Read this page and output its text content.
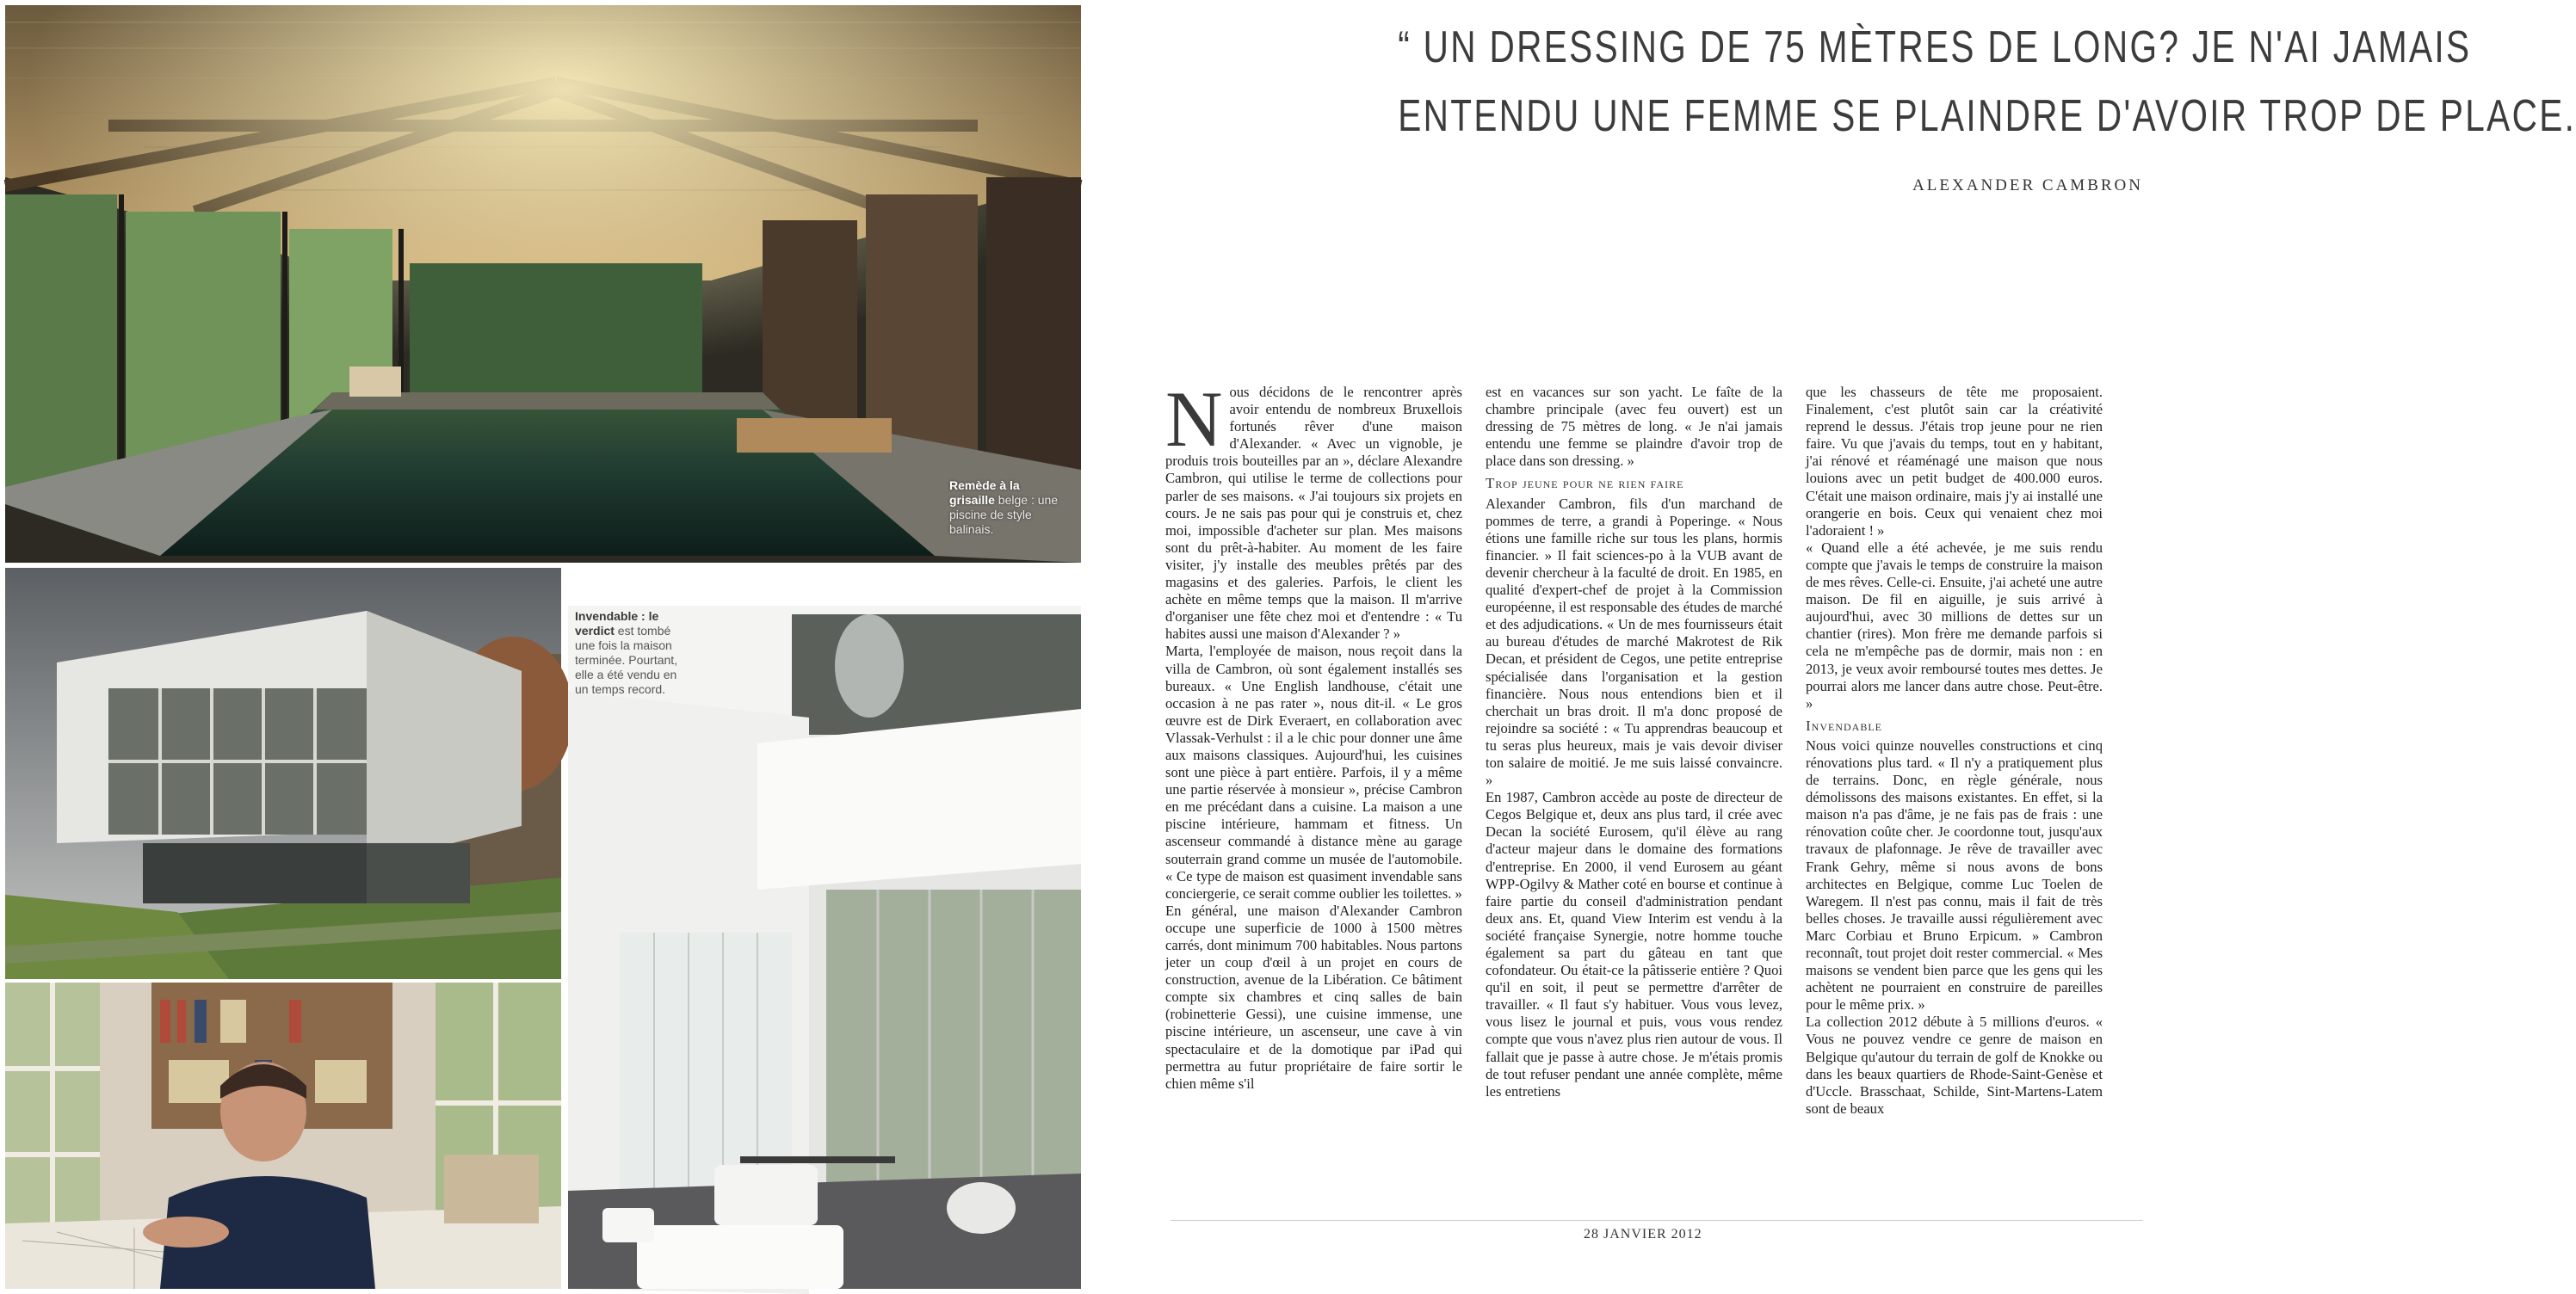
Remède à la grisaille belge : une piscine de style balinais.
Invendable : le verdict est tombé une fois la maison terminée. Pourtant, elle a été vendu en un temps record.
“ UN DRESSING DE 75 MÈTRES DE LONG? JE N'AI JAMAIS
ENTENDU UNE FEMME SE PLAINDRE D'AVOIR TROP DE PLACE.
ALEXANDER CAMBRON
N ous décidons de le rencontrer après avoir entendu de nombreux Bruxellois fortunés rêver d'une maison d'Alexander. « Avec un vignoble, je produis trois bouteilles par an », déclare Alexandre Cambron, qui utilise le terme de collections pour parler de ses maisons. « J'ai toujours six projets en cours. Je ne sais pas pour qui je construis et, chez moi, impossible d'acheter sur plan. Mes maisons sont du prêt-à-habiter. Au moment de les faire visiter, j'y installe des meubles prêtés par des magasins et des galeries. Parfois, le client les achète en même temps que la maison. Il m'arrive d'organiser une fête chez moi et d'entendre : « Tu habites aussi une maison d'Alexander ? »

Marta, l'employée de maison, nous reçoit dans la villa de Cambron, où sont également installés ses bureaux. « Une English landhouse, c'était une occasion à ne pas rater », nous dit-il. « Le gros œuvre est de Dirk Everaert, en collaboration avec Vlassak-Verhulst : il a le chic pour donner une âme aux maisons classiques. Aujourd'hui, les cuisines sont une pièce à part entière. Parfois, il y a même une partie réservée à monsieur », précise Cambron en me précédant dans a cuisine. La maison a une piscine intérieure, hammam et fitness. Un ascenseur commandé à distance mène au garage souterrain grand comme un musée de l'automobile. « Ce type de maison est quasiment invendable sans conciergerie, ce serait comme oublier les toilettes. »

En général, une maison d'Alexander Cambron occupe une superficie de 1000 à 1500 mètres carrés, dont minimum 700 habitables. Nous partons jeter un coup d'œil à un projet en cours de construction, avenue de la Libération. Ce bâtiment compte six chambres et cinq salles de bain (robinetterie Gessi), une cuisine immense, une piscine intérieure, un ascenseur, une cave à vin spectaculaire et de la domotique par iPad qui permettra au futur propriétaire de faire sortir le chien même s'il

est en vacances sur son yacht. Le faîte de la chambre principale (avec feu ouvert) est un dressing de 75 mètres de long. « Je n'ai jamais entendu une femme se plaindre d'avoir trop de place dans son dressing. »

Trop jeune pour ne rien faire

Alexander Cambron, fils d'un marchand de pommes de terre, a grandi à Poperinge. « Nous étions une famille riche sur tous les plans, hormis financier. » Il fait sciences-po à la VUB avant de devenir chercheur à la faculté de droit. En 1985, en qualité d'expert-chef de projet à la Commission européenne, il est responsable des études de marché et des adjudications. « Un de mes fournisseurs était au bureau d'études de marché Makrotest de Rik Decan, et président de Cegos, une petite entreprise spécialisée dans l'organisation et la gestion financière. Nous nous entendions bien et il cherchait un bras droit. Il m'a donc proposé de rejoindre sa société : « Tu apprendras beaucoup et tu seras plus heureux, mais je vais devoir diviser ton salaire de moitié. Je me suis laissé convaincre. »

En 1987, Cambron accède au poste de directeur de Cegos Belgique et, deux ans plus tard, il crée avec Decan la société Eurosem, qu'il élève au rang d'acteur majeur dans le domaine des formations d'entreprise. En 2000, il vend Eurosem au géant WPP-Ogilvy & Mather coté en bourse et continue à faire partie du conseil d'administration pendant deux ans. Et, quand View Interim est vendu à la société française Synergie, notre homme touche également sa part du gâteau en tant que cofondateur. Ou était-ce la pâtisserie entière ? Quoi qu'il en soit, il peut se permettre d'arrêter de travailler. « Il faut s'y habituer. Vous vous levez, vous lisez le journal et puis, vous vous rendez compte que vous n'avez plus rien autour de vous. Il fallait que je passe à autre chose. Je m'étais promis de tout refuser pendant une année complète, même les entretiens

que les chasseurs de tête me proposaient. Finalement, c'est plutôt sain car la créativité reprend le dessus. J'étais trop jeune pour ne rien faire. Vu que j'avais du temps, tout en y habitant, j'ai rénové et réaménagé une maison que nous louions avec un petit budget de 400.000 euros. C'était une maison ordinaire, mais j'y ai installé une orangerie en bois. Ceux qui venaient chez moi l'adoraient ! »

« Quand elle a été achevée, je me suis rendu compte que j'avais le temps de construire la maison de mes rêves. Celle-ci. Ensuite, j'ai acheté une autre maison. De fil en aiguille, je suis arrivé à aujourd'hui, avec 30 millions de dettes sur un chantier (rires). Mon frère me demande parfois si cela ne m'empêche pas de dormir, mais non : en 2013, je veux avoir remboursé toutes mes dettes. Je pourrai alors me lancer dans autre chose. Peut-être. »

Invendable

Nous voici quinze nouvelles constructions et cinq rénovations plus tard. « Il n'y a pratiquement plus de terrains. Donc, en règle générale, nous démolissons des maisons existantes. En effet, si la maison n'a pas d'âme, je ne fais pas de frais : une rénovation coûte cher. Je coordonne tout, jusqu'aux travaux de plafonnage. Je rêve de travailler avec Frank Gehry, même si nous avons de bons architectes en Belgique, comme Luc Toelen de Waregem. Il n'est pas connu, mais il fait de très belles choses. Je travaille aussi régulièrement avec Marc Corbiau et Bruno Erpicum. » Cambron reconnaît, tout projet doit rester commercial. « Mes maisons se vendent bien parce que les gens qui les achètent ne pourraient en construire de pareilles pour le même prix. »

La collection 2012 débute à 5 millions d'euros. « Vous ne pouvez vendre ce genre de maison en Belgique qu'autour du terrain de golf de Knokke ou dans les beaux quartiers de Rhode-Saint-Genèse et d'Uccle. Brasschaat, Schilde, Sint-Martens-Latem sont de beaux

28 JANVIER 2012
